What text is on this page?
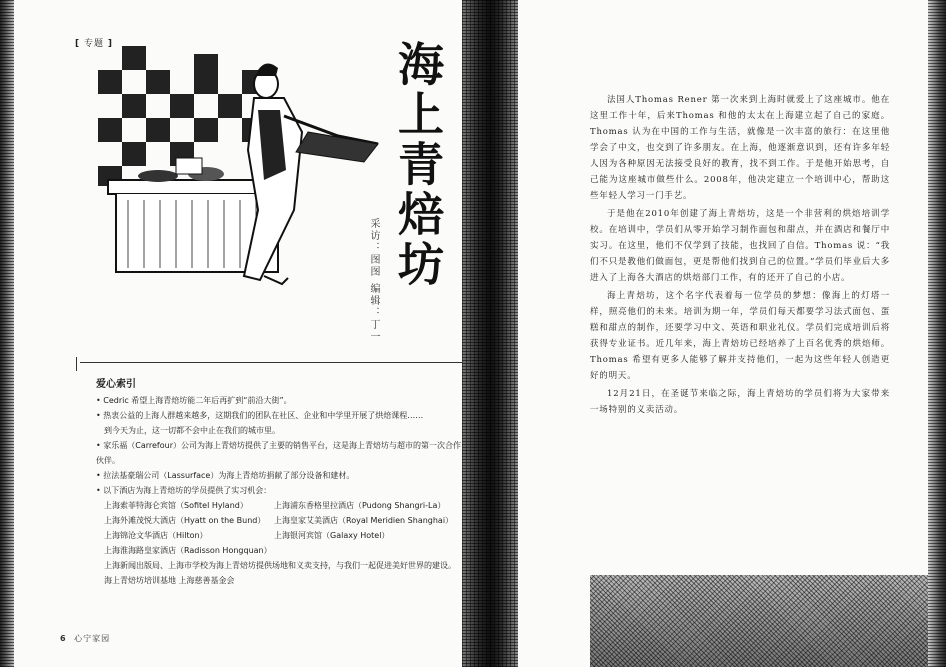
[ 专题 ]	海上青焙坊
采访：图图 编辑：丁一
爱心索引

• Cedric 希望上海青焙坊能二年后再扩到“前沿大街”。

• 热衷公益的上海人群越来越多，这期我们的团队在社区、企业和中学里开展了烘焙课程……

到今天为止，这一切都不会中止在我们的城市里。

• 家乐福（Carrefour）公司为海上青焙坊提供了主要的销售平台，这是海上青焙坊与超市的第一次合作伙伴。

• 拉法基豪瑞公司（Lassurface）为海上青焙坊捐献了部分设备和建材。

• 以下酒店为海上青焙坊的学员提供了实习机会：

上海索菲特海仑宾馆（Sofitel Hyland）	上海浦东香格里拉酒店（Pudong Shangri-La）
上海外滩茂悦大酒店（Hyatt on the Bund）	上海皇家艾美酒店（Royal Meridien Shanghai）
上海锦沧文华酒店（Hilton）	上海银河宾馆（Galaxy Hotel）
上海淮海路皇家酒店（Radisson Hongquan）

上海新闻出版局、上海市学校为海上青焙坊提供场地和义卖支持，与我们一起促进美好世界的建设。

海上青焙坊培训基地 上海慈善基金会

6 心宁家园

法国人Thomas Rener 第一次来到上海时就爱上了这座城市。他在这里工作十年，后来Thomas 和他的太太在上海建立起了自己的家庭。Thomas 认为在中国的工作与生活，就像是一次丰富的旅行：在这里他学会了中文，也交到了许多朋友。在上海，他逐渐意识到，还有许多年轻人因为各种原因无法接受良好的教育，找不到工作。于是他开始思考，自己能为这座城市做些什么。2008年，他决定建立一个培训中心，帮助这些年轻人学习一门手艺。

于是他在2010年创建了海上青焙坊，这是一个非营利的烘焙培训学校。在培训中，学员们从零开始学习制作面包和甜点，并在酒店和餐厅中实习。在这里，他们不仅学到了技能，也找回了自信。Thomas 说：“我们不只是教他们做面包，更是帮他们找到自己的位置。”学员们毕业后大多进入了上海各大酒店的烘焙部门工作，有的还开了自己的小店。

海上青焙坊，这个名字代表着每一位学员的梦想：像海上的灯塔一样，照亮他们的未来。培训为期一年，学员们每天都要学习法式面包、蛋糕和甜点的制作，还要学习中文、英语和职业礼仪。学员们完成培训后将获得专业证书。近几年来，海上青焙坊已经培养了上百名优秀的烘焙师。Thomas 希望有更多人能够了解并支持他们，一起为这些年轻人创造更好的明天。

12月21日，在圣诞节来临之际，海上青焙坊的学员们将为大家带来一场特别的义卖活动。
